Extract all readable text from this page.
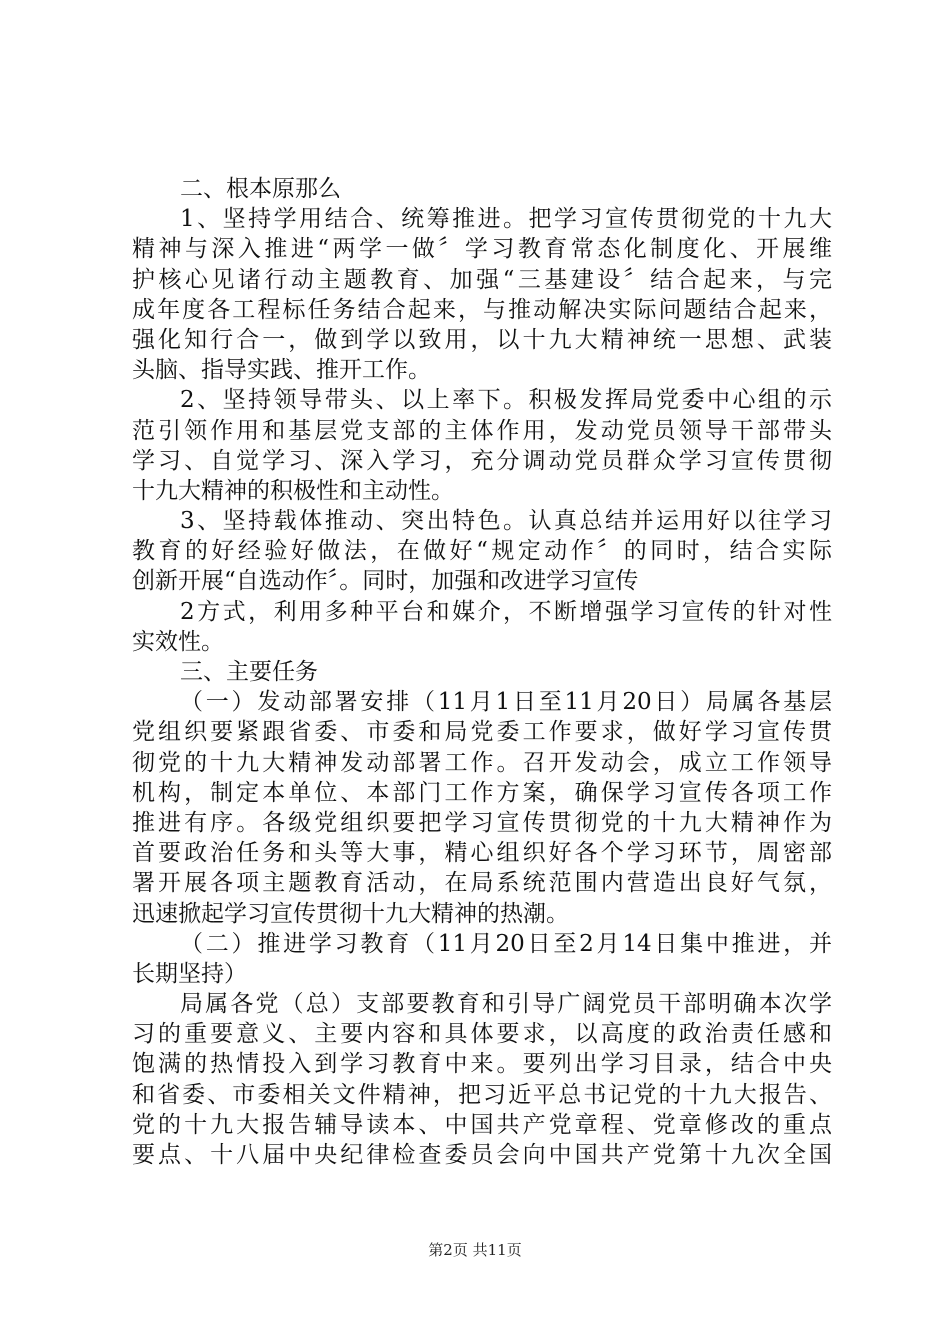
二、根本原那么
1、坚持学用结合、统筹推进。把学习宣传贯彻党的十九大
精神与深入推进“两学一做〞学习教育常态化制度化、开展维
护核心见诸行动主题教育、加强“三基建设〞结合起来，与完
成年度各工程标任务结合起来，与推动解决实际问题结合起来，
强化知行合一，做到学以致用，以十九大精神统一思想、武装
头脑、指导实践、推开工作。
2、坚持领导带头、以上率下。积极发挥局党委中心组的示
范引领作用和基层党支部的主体作用，发动党员领导干部带头
学习、自觉学习、深入学习，充分调动党员群众学习宣传贯彻
十九大精神的积极性和主动性。
3、坚持载体推动、突出特色。认真总结并运用好以往学习
教育的好经验好做法，在做好“规定动作〞的同时，结合实际
创新开展“自选动作〞。同时，加强和改进学习宣传
2方式，利用多种平台和媒介，不断增强学习宣传的针对性
实效性。
三、主要任务
（一）发动部署安排（11月1日至11月20日）局属各基层
党组织要紧跟省委、市委和局党委工作要求，做好学习宣传贯
彻党的十九大精神发动部署工作。召开发动会，成立工作领导
机构，制定本单位、本部门工作方案，确保学习宣传各项工作
推进有序。各级党组织要把学习宣传贯彻党的十九大精神作为
首要政治任务和头等大事，精心组织好各个学习环节，周密部
署开展各项主题教育活动，在局系统范围内营造出良好气氛，
迅速掀起学习宣传贯彻十九大精神的热潮。
（二）推进学习教育（11月20日至2月14日集中推进，并
长期坚持）
局属各党（总）支部要教育和引导广阔党员干部明确本次学
习的重要意义、主要内容和具体要求，以高度的政治责任感和
饱满的热情投入到学习教育中来。要列出学习目录，结合中央
和省委、市委相关文件精神，把习近平总书记党的十九大报告、
党的十九大报告辅导读本、中国共产党章程、党章修改的重点
要点、十八届中央纪律检查委员会向中国共产党第十九次全国
第2页 共11页
